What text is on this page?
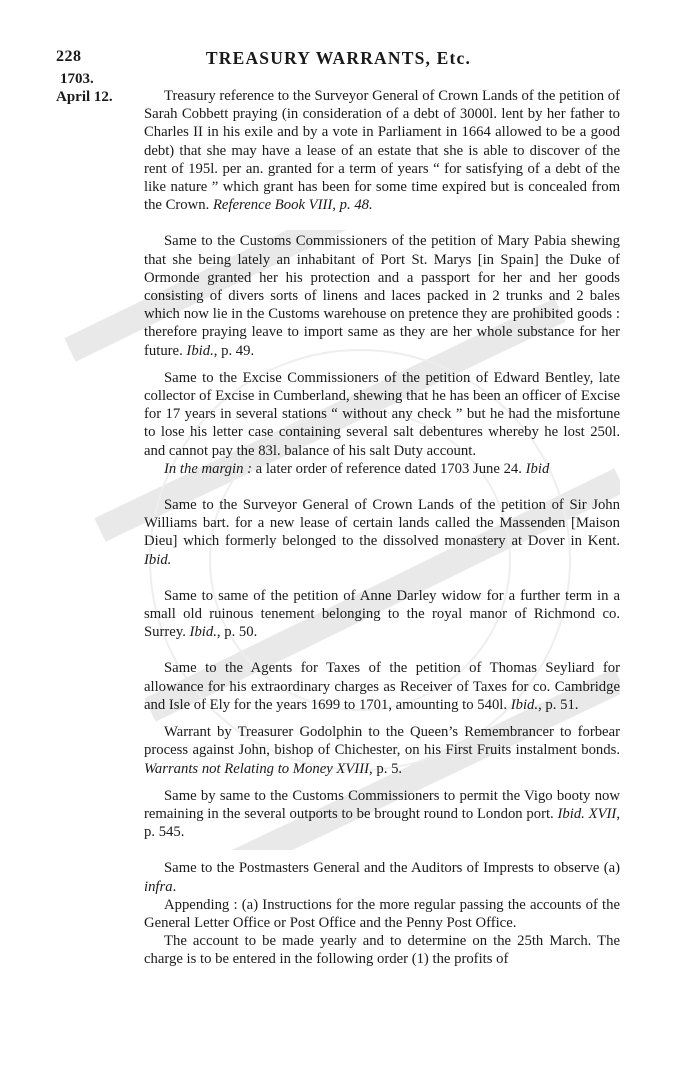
228	TREASURY WARRANTS, Etc.
1703.
April 12.	Treasury reference to the Surveyor General of Crown Lands of the petition of Sarah Cobbett praying (in consideration of a debt of 3000l. lent by her father to Charles II in his exile and by a vote in Parliament in 1664 allowed to be a good debt) that she may have a lease of an estate that she is able to discover of the rent of 195l. per an. granted for a term of years “ for satisfying of a debt of the like nature ” which grant has been for some time expired but is concealed from the Crown. Reference Book VIII, p. 48.

Same to the Customs Commissioners of the petition of Mary Pabia shewing that she being lately an inhabitant of Port St. Marys [in Spain] the Duke of Ormonde granted her his protection and a passport for her and her goods consisting of divers sorts of linens and laces packed in 2 trunks and 2 bales which now lie in the Customs warehouse on pretence they are prohibited goods : therefore praying leave to import same as they are her whole substance for her future. Ibid., p. 49.

Same to the Excise Commissioners of the petition of Edward Bentley, late collector of Excise in Cumberland, shewing that he has been an officer of Excise for 17 years in several stations “ without any check ” but he had the misfortune to lose his letter case containing several salt debentures whereby he lost 250l. and cannot pay the 83l. balance of his salt Duty account.

In the margin : a later order of reference dated 1703 June 24. Ibid

Same to the Surveyor General of Crown Lands of the petition of Sir John Williams bart. for a new lease of certain lands called the Massenden [Maison Dieu] which formerly belonged to the dissolved monastery at Dover in Kent. Ibid.

Same to same of the petition of Anne Darley widow for a further term in a small old ruinous tenement belonging to the royal manor of Richmond co. Surrey. Ibid., p. 50.

Same to the Agents for Taxes of the petition of Thomas Seyliard for allowance for his extraordinary charges as Receiver of Taxes for co. Cambridge and Isle of Ely for the years 1699 to 1701, amounting to 540l. Ibid., p. 51.

Warrant by Treasurer Godolphin to the Queen’s Remembrancer to forbear process against John, bishop of Chichester, on his First Fruits instalment bonds. Warrants not Relating to Money XVIII, p. 5.

Same by same to the Customs Commissioners to permit the Vigo booty now remaining in the several outports to be brought round to London port. Ibid. XVII, p. 545.

Same to the Postmasters General and the Auditors of Imprests to observe (a) infra.

Appending : (a) Instructions for the more regular passing the accounts of the General Letter Office or Post Office and the Penny Post Office.

The account to be made yearly and to determine on the 25th March. The charge is to be entered in the following order (1) the profits of
